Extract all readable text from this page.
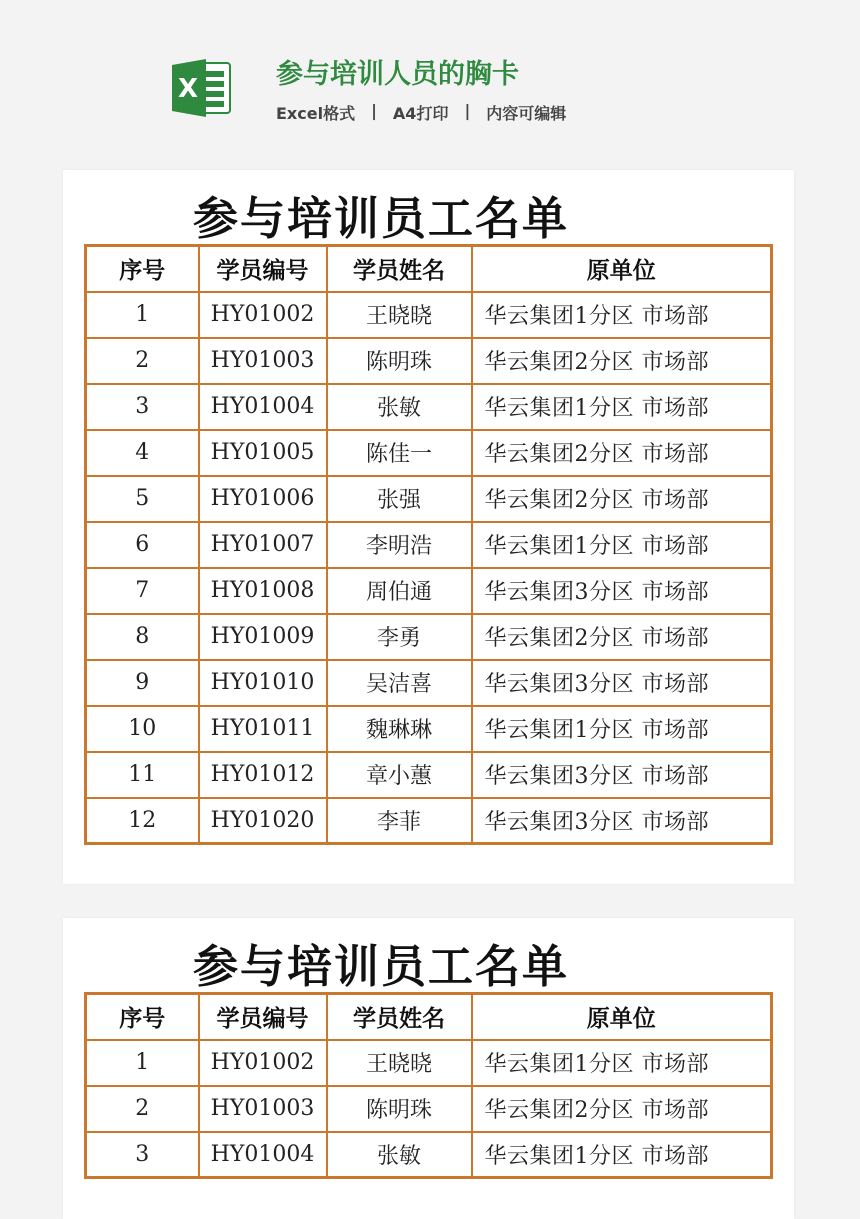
X	参与培训人员的胸卡
Excel格式 | A4打印 | 内容可编辑
参与培训员工名单
序号	学员编号	学员姓名	原单位
1	HY01002	王晓晓	华云集团1分区 市场部
2	HY01003	陈明珠	华云集团2分区 市场部
3	HY01004	张敏	华云集团1分区 市场部
4	HY01005	陈佳一	华云集团2分区 市场部
5	HY01006	张强	华云集团2分区 市场部
6	HY01007	李明浩	华云集团1分区 市场部
7	HY01008	周伯通	华云集团3分区 市场部
8	HY01009	李勇	华云集团2分区 市场部
9	HY01010	吴洁喜	华云集团3分区 市场部
10	HY01011	魏琳琳	华云集团1分区 市场部
11	HY01012	章小蕙	华云集团3分区 市场部
12	HY01020	李菲	华云集团3分区 市场部
参与培训员工名单
序号	学员编号	学员姓名	原单位
1	HY01002	王晓晓	华云集团1分区 市场部
2	HY01003	陈明珠	华云集团2分区 市场部
3	HY01004	张敏	华云集团1分区 市场部
